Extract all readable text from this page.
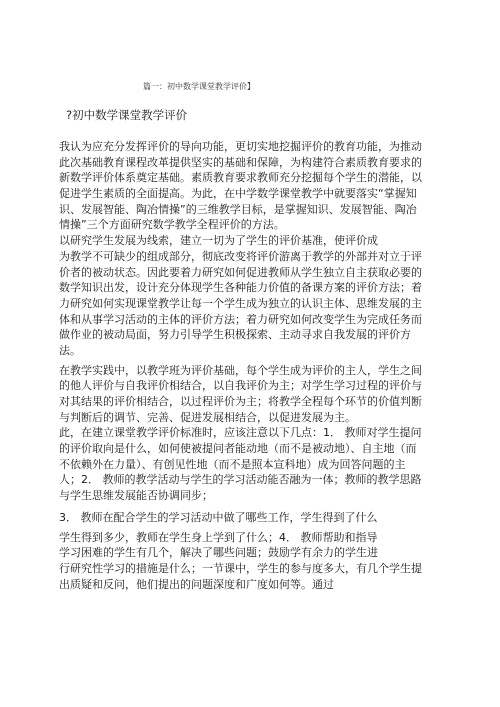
篇一：初中数学课堂教学评价】
?初中数学课堂教学评价
我认为应充分发挥评价的导向功能，更切实地挖掘评价的教育功能，为推动
此次基础教育课程改革提供坚实的基础和保障，为构建符合素质教育要求的
新数学评价体系奠定基础。素质教育要求教师充分挖掘每个学生的潜能，以
促进学生素质的全面提高。为此，在中学数学课堂教学中就要落实“掌握知
识、发展智能、陶冶情操”的三维教学目标，是掌握知识、发展智能、陶冶
情操”三个方面研究数学教学全程评价的方法。
以研究学生发展为线索，建立一切为了学生的评价基准，使评价成
为教学不可缺少的组成部分，彻底改变将评价游离于教学的外部并对立于评
价者的被动状态。因此要着力研究如何促进教师从学生独立自主获取必要的
数学知识出发，设计充分体现学生各种能力价值的备课方案的评价方法；着
力研究如何实现课堂教学让每一个学生成为独立的认识主体、思维发展的主
体和从事学习活动的主体的评价方法；着力研究如何改变学生为完成任务而
做作业的被动局面，努力引导学生积极探索、主动寻求自我发展的评价方
法。
在教学实践中，以教学班为评价基础，每个学生成为评价的主人，学生之间
的他人评价与自我评价相结合，以自我评价为主；对学生学习过程的评价与
对其结果的评价相结合，以过程评价为主；将教学全程每个环节的价值判断
与判断后的调节、完善、促进发展相结合，以促进发展为主。
此，在建立课堂教学评价标准时，应该注意以下几点：1． 教师对学生提问
的评价取向是什么，如何使被提问者能动地（而不是被动地）、自主地（而
不依赖外在力量）、有创见性地（而不是照本宣科地）成为回答问题的主
人；2． 教师的教学活动与学生的学习活动能否融为一体；教师的教学思路
与学生思维发展能否协调同步；
3． 教师在配合学生的学习活动中做了哪些工作，学生得到了什么
学生得到多少，教师在学生身上学到了什么；4． 教师帮助和指导
学习困难的学生有几个，解决了哪些问题；鼓励学有余力的学生进
行研究性学习的措施是什么；一节课中，学生的参与度多大，有几个学生提
出质疑和反问，他们提出的问题深度和广度如何等。通过
